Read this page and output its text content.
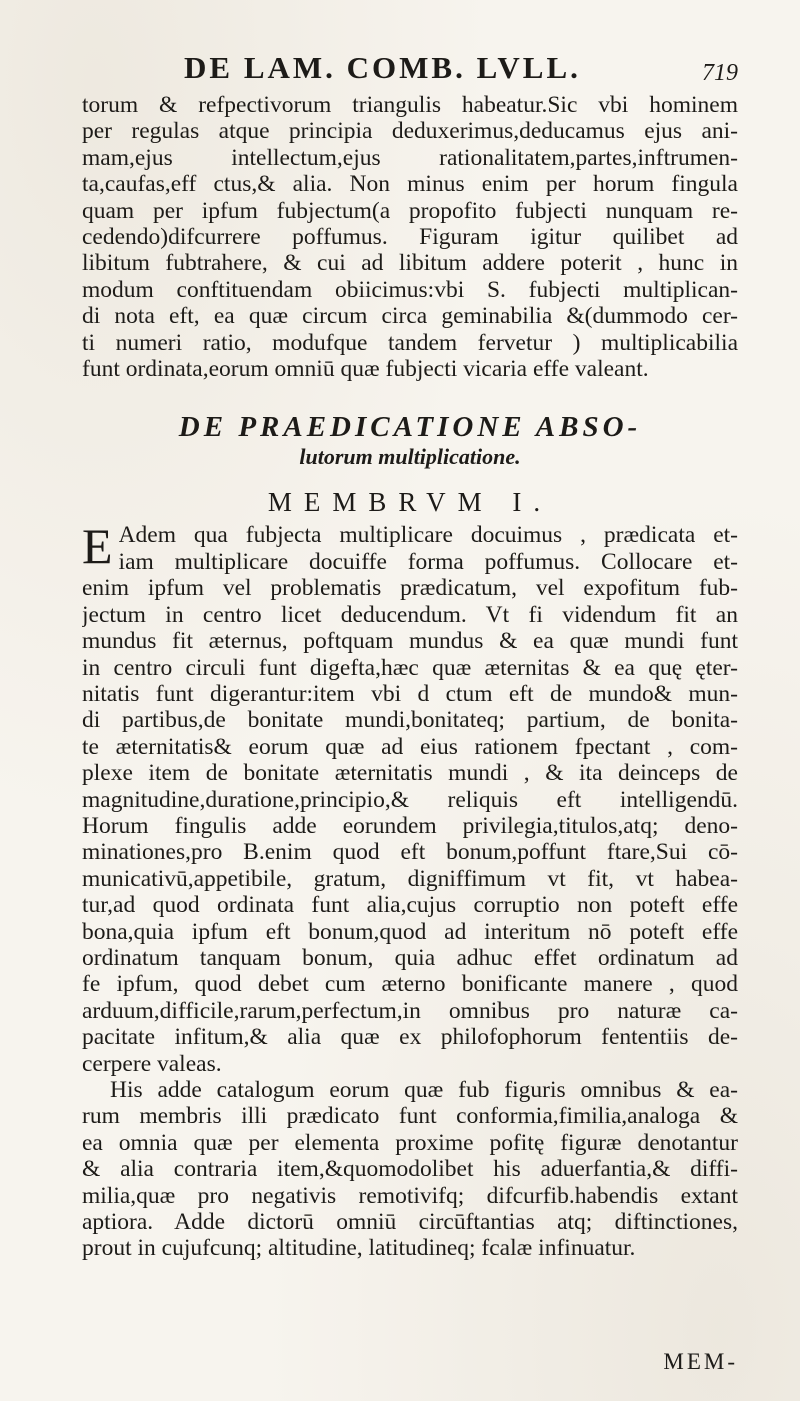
DE LAM. COMB. LVLL.	719

torum & refpectivorum triangulis habeatur.Sic vbi hominem
per regulas atque principia deduxerimus,deducamus ejus ani-
mam,ejus intellectum,ejus rationalitatem,partes,inftrumen-
ta,caufas,eff ctus,& alia. Non minus enim per horum fingula
quam per ipfum fubjectum(a propofito fubjecti nunquam re-
cedendo)difcurrere poffumus. Figuram igitur quilibet ad
libitum fubtrahere, & cui ad libitum addere poterit , hunc in
modum conftituendam obiicimus:vbi S. fubjecti multiplican-
di nota eft, ea quæ circum circa geminabilia &(dummodo cer-
ti numeri ratio, modufque tandem fervetur ) multiplicabilia
funt ordinata,eorum omniū quæ fubjecti vicaria effe valeant.

DE PRAEDICATIONE ABSO-
lutorum multiplicatione.
MEMBRVM I.

E Adem qua fubjecta multiplicare docuimus , prædicata et-
iam multiplicare docuiffe forma poffumus. Collocare et-
enim ipfum vel problematis prædicatum, vel expofitum fub-
jectum in centro licet deducendum. Vt fi videndum fit an
mundus fit æternus, poftquam mundus & ea quæ mundi funt
in centro circuli funt digefta,hæc quæ æternitas & ea quę ęter-
nitatis funt digerantur:item vbi d ctum eft de mundo& mun-
di partibus,de bonitate mundi,bonitateq; partium, de bonita-
te æternitatis& eorum quæ ad eius rationem fpectant , com-
plexe item de bonitate æternitatis mundi , & ita deinceps de
magnitudine,duratione,principio,& reliquis eft intelligendū.
Horum fingulis adde eorundem privilegia,titulos,atq; deno-
minationes,pro B.enim quod eft bonum,poffunt ftare,Sui cō-
municativū,appetibile, gratum, digniffimum vt fit, vt habea-
tur,ad quod ordinata funt alia,cujus corruptio non poteft effe
bona,quia ipfum eft bonum,quod ad interitum nō poteft effe
ordinatum tanquam bonum, quia adhuc effet ordinatum ad
fe ipfum, quod debet cum æterno bonificante manere , quod
arduum,difficile,rarum,perfectum,in omnibus pro naturæ ca-
pacitate infitum,& alia quæ ex philofophorum fententiis de-
cerpere valeas.

His adde catalogum eorum quæ fub figuris omnibus & ea-
rum membris illi prædicato funt conformia,fimilia,analoga &
ea omnia quæ per elementa proxime pofitę figuræ denotantur
& alia contraria item,&quomodolibet his aduerfantia,& diffi-
milia,quæ pro negativis remotivifq; difcurfib.habendis extant
aptiora. Adde dictorū omniū circūftantias atq; diftinctiones,
prout in cujufcunq; altitudine, latitudineq; fcalæ infinuatur.

MEM-
